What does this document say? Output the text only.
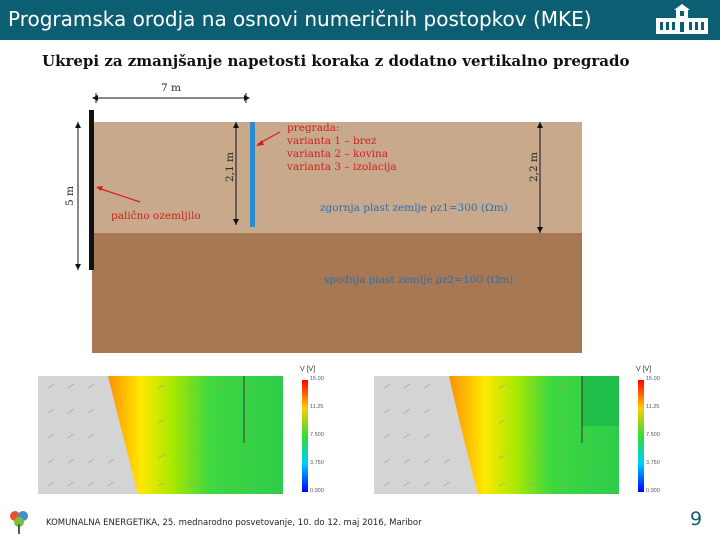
Programska orodja na osnovi numeričnih postopkov (MKE)
Ukrepi za zmanjšanje napetosti koraka z dodatno vertikalno pregrado
7 m
5 m
2,1 m	2,2 m
pregrada:
varianta 1 – brez
varianta 2 – kovina
varianta 3 – izolacija
palično ozemljilo
zgornja plast zemlje ρz1=300 (Ωm)
spodnja plast zemlje ρz2=100 (Ωm)
V [V]
15.00
11.25
7.500
3.750
0.000
V [V]
15.00
11.25
7.500
3.750
0.000
KOMUNALNA ENERGETIKA, 25. mednarodno posvetovanje, 10. do 12. maj 2016, Maribor	9
